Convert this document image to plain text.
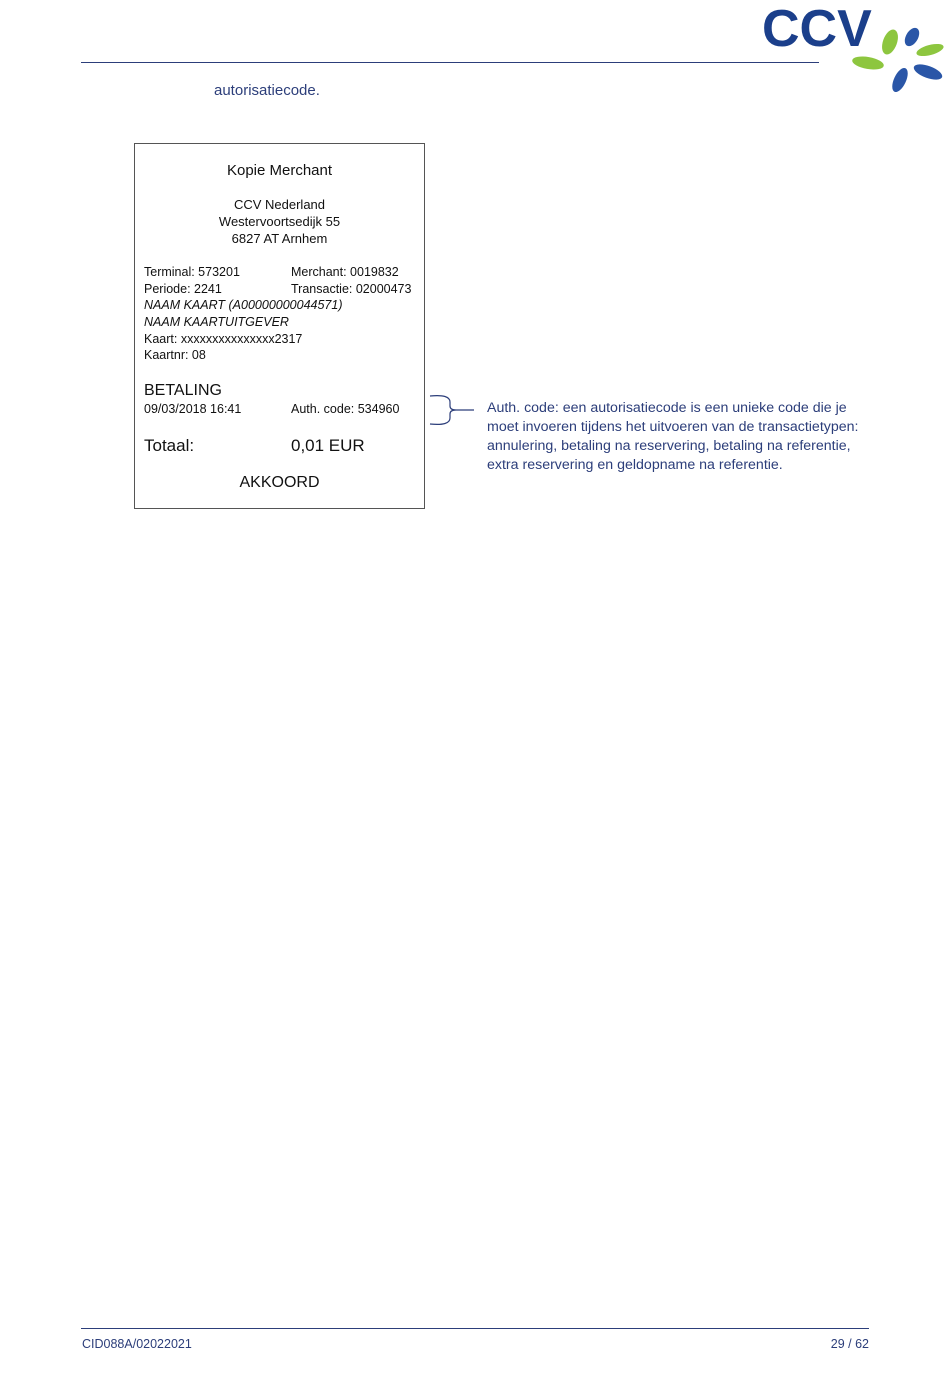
CCV
autorisatiecode.
Kopie Merchant
CCV Nederland
Westervoortsedijk 55
6827 AT Arnhem
Terminal: 573201	Merchant: 0019832
Periode: 2241	Transactie: 02000473
NAAM KAART (A00000000044571)
NAAM KAARTUITGEVER
Kaart: xxxxxxxxxxxxxxx2317
Kaartnr: 08
BETALING
09/03/2018 16:41	Auth. code: 534960
Totaal:	0,01 EUR
AKKOORD
Auth. code: een autorisatiecode is een unieke code die je moet invoeren tijdens het uitvoeren van de transactietypen: annulering, betaling na reservering, betaling na referentie, extra reservering en geldopname na referentie.
CID088A/02022021	29 / 62
